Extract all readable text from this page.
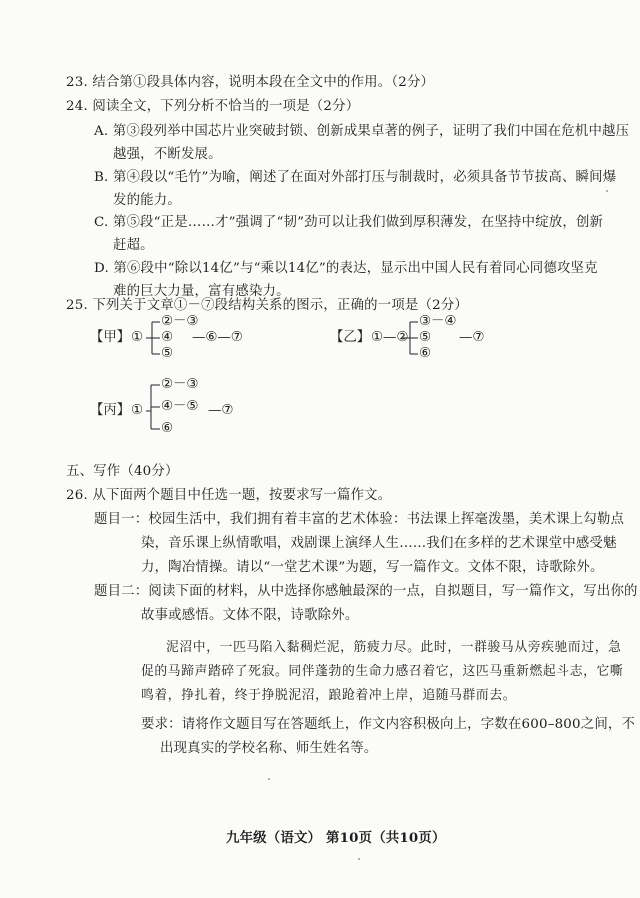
23. 结合第①段具体内容，说明本段在全文中的作用。（2分）
24. 阅读全文，下列分析不恰当的一项是（2分）
A. 第③段列举中国芯片业突破封锁、创新成果卓著的例子，证明了我们中国在危机中越压
越强，不断发展。
B. 第④段以“毛竹”为喻，阐述了在面对外部打压与制裁时，必须具备节节拔高、瞬间爆
发的能力。
C. 第⑤段“正是……才”强调了“韧”劲可以让我们做到厚积薄发，在坚持中绽放，创新
赶超。
D. 第⑥段中“除以14亿”与“乘以14亿”的表达，显示出中国人民有着同心同德攻坚克
难的巨大力量，富有感染力。
25. 下列关于文章①－⑦段结构关系的图示，正确的一项是（2分）
【甲】 ①
②－③
④
⑤
—⑥—⑦	【乙】 ①—②
③－④
⑤
⑥
—⑦
【丙】 ①
②－③
④－⑤
⑥
—⑦
五、写作（40分）
26. 从下面两个题目中任选一题，按要求写一篇作文。
题目一：校园生活中，我们拥有着丰富的艺术体验：书法课上挥毫泼墨，美术课上勾勒点
染，音乐课上纵情歌唱，戏剧课上演绎人生……我们在多样的艺术课堂中感受魅
力，陶冶情操。请以“一堂艺术课”为题，写一篇作文。文体不限，诗歌除外。
题目二：阅读下面的材料，从中选择你感触最深的一点，自拟题目，写一篇作文，写出你的
故事或感悟。文体不限，诗歌除外。
泥沼中，一匹马陷入黏稠烂泥，筋疲力尽。此时，一群骏马从旁疾驰而过，急
促的马蹄声踏碎了死寂。同伴蓬勃的生命力感召着它，这匹马重新燃起斗志，它嘶
鸣着，挣扎着，终于挣脱泥沼，踉跄着冲上岸，追随马群而去。
要求：请将作文题目写在答题纸上，作文内容积极向上，字数在600–800之间，不
出现真实的学校名称、师生姓名等。
九年级（语文） 第10页（共10页）
